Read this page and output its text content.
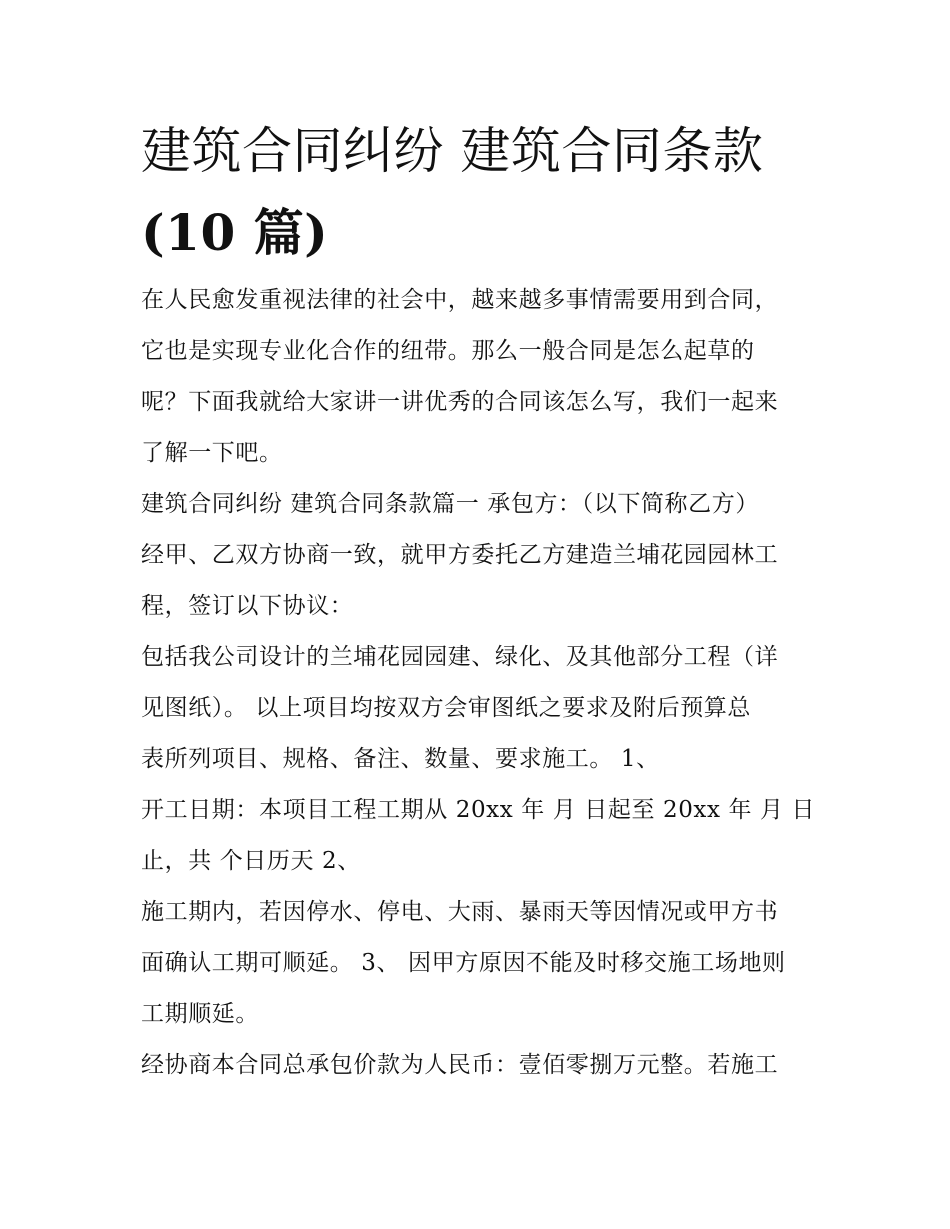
建筑合同纠纷 建筑合同条款
(10 篇)

在人民愈发重视法律的社会中，越来越多事情需要用到合同，
它也是实现专业化合作的纽带。那么一般合同是怎么起草的
呢？下面我就给大家讲一讲优秀的合同该怎么写，我们一起来
了解一下吧。

建筑合同纠纷 建筑合同条款篇一 承包方：（以下简称乙方）
经甲、乙双方协商一致，就甲方委托乙方建造兰埔花园园林工
程，签订以下协议：

包括我公司设计的兰埔花园园建、绿化、及其他部分工程（详
见图纸）。 以上项目均按双方会审图纸之要求及附后预算总
表所列项目、规格、备注、数量、要求施工。 1、

开工日期：本项目工程工期从 20xx 年 月 日起至 20xx 年 月 日
止，共 个日历天 2、

施工期内，若因停水、停电、大雨、暴雨天等因情况或甲方书
面确认工期可顺延。 3、 因甲方原因不能及时移交施工场地则
工期顺延。

经协商本合同总承包价款为人民币：壹佰零捌万元整。若施工
